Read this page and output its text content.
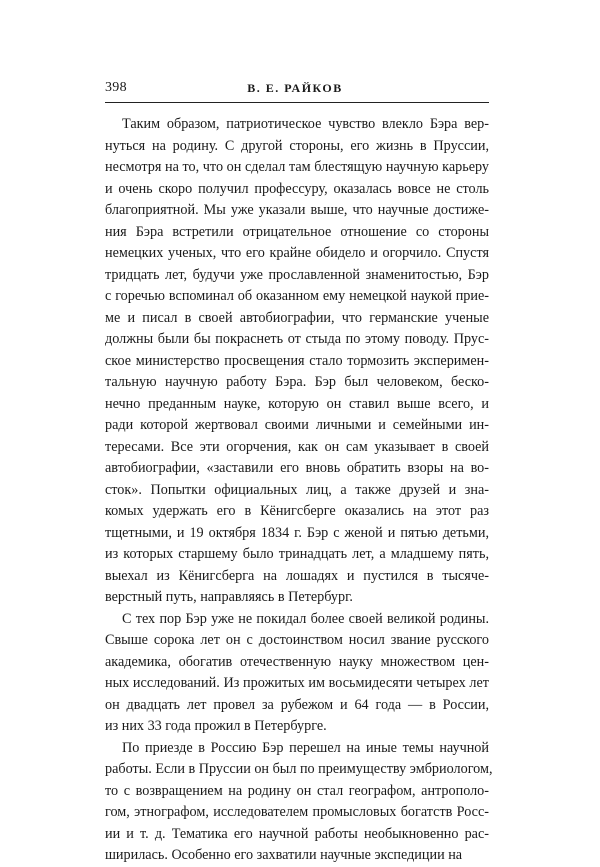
398	В. Е. РАЙКОВ

Таким образом, патриотическое чувство влекло Бэра вер-
нуться на родину. С другой стороны, его жизнь в Пруссии,
несмотря на то, что он сделал там блестящую научную карьеру
и очень скоро получил профессуру, оказалась вовсе не столь
благоприятной. Мы уже указали выше, что научные достиже-
ния Бэра встретили отрицательное отношение со стороны
немецких ученых, что его крайне обидело и огорчило. Спустя
тридцать лет, будучи уже прославленной знаменитостью, Бэр
с горечью вспоминал об оказанном ему немецкой наукой прие-
ме и писал в своей автобиографии, что германские ученые
должны были бы покраснеть от стыда по этому поводу. Прус-
ское министерство просвещения стало тормозить эксперимен-
тальную научную работу Бэра. Бэр был человеком, беско-
нечно преданным науке, которую он ставил выше всего, и
ради которой жертвовал своими личными и семейными ин-
тересами. Все эти огорчения, как он сам указывает в своей
автобиографии, «заставили его вновь обратить взоры на во-
сток». Попытки официальных лиц, а также друзей и зна-
комых удержать его в Кёнигсберге оказались на этот раз
тщетными, и 19 октября 1834 г. Бэр с женой и пятью детьми,
из которых старшему было тринадцать лет, а младшему пять,
выехал из Кёнигсберга на лошадях и пустился в тысяче-
верстный путь, направляясь в Петербург.

С тех пор Бэр уже не покидал более своей великой родины.
Свыше сорока лет он с достоинством носил звание русского
академика, обогатив отечественную науку множеством цен-
ных исследований. Из прожитых им восьмидесяти четырех лет
он двадцать лет провел за рубежом и 64 года — в России,
из них 33 года прожил в Петербурге.

По приезде в Россию Бэр перешел на иные темы научной
работы. Если в Пруссии он был по преимуществу эмбриологом,
то с возвращением на родину он стал географом, антрополо-
гом, этнографом, исследователем промысловых богатств Росс-
ии и т. д. Тематика его научной работы необыкновенно рас-
ширилась. Особенно его захватили научные экспедиции на
